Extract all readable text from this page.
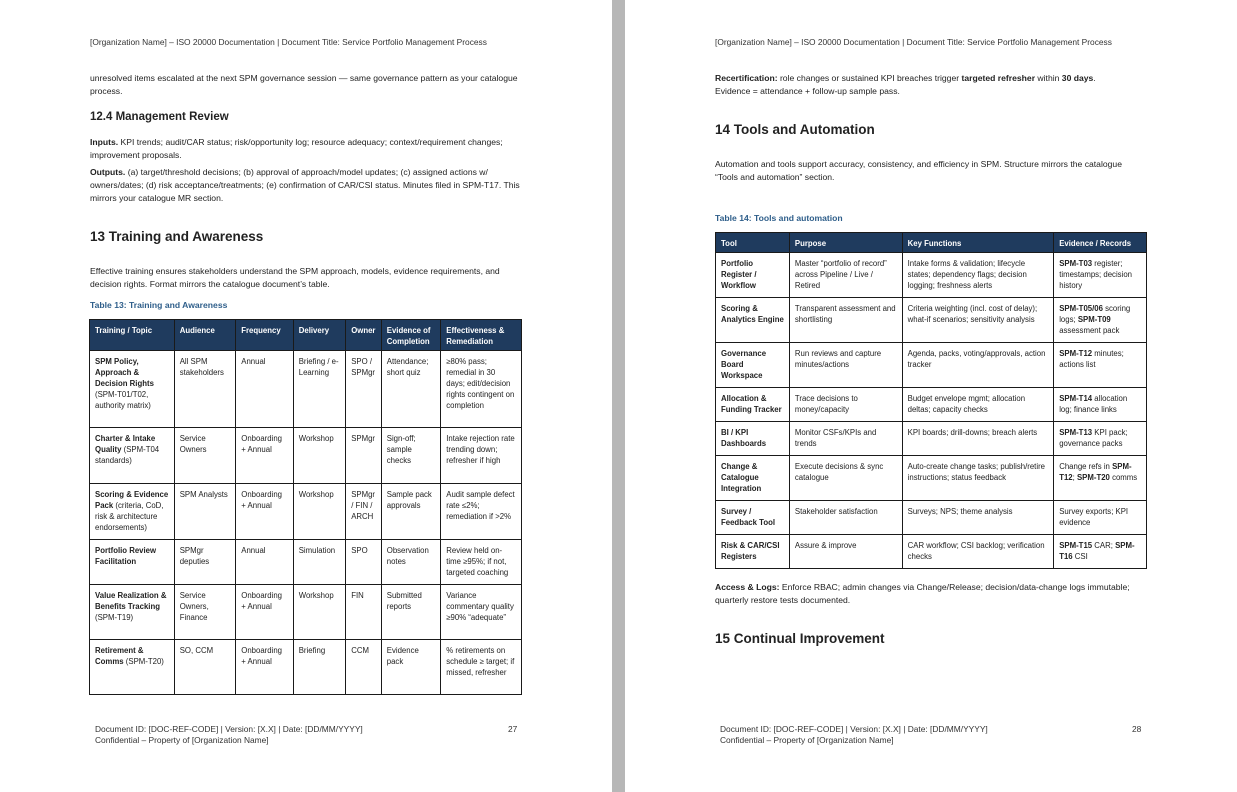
[Organization Name] – ISO 20000 Documentation | Document Title: Service Portfolio Management Process
unresolved items escalated at the next SPM governance session — same governance pattern as your catalogue process.
12.4 Management Review
Inputs. KPI trends; audit/CAR status; risk/opportunity log; resource adequacy; context/requirement changes; improvement proposals.
Outputs. (a) target/threshold decisions; (b) approval of approach/model updates; (c) assigned actions w/ owners/dates; (d) risk acceptance/treatments; (e) confirmation of CAR/CSI status. Minutes filed in SPM-T17. This mirrors your catalogue MR section.
13 Training and Awareness
Effective training ensures stakeholders understand the SPM approach, models, evidence requirements, and decision rights. Format mirrors the catalogue document’s table.
Table 13: Training and Awareness
Training / Topic	Audience	Frequency	Delivery	Owner	Evidence of Completion	Effectiveness & Remediation
SPM Policy, Approach & Decision Rights (SPM-T01/T02, authority matrix)	All SPM stakeholders	Annual	Briefing / e-Learning	SPO / SPMgr	Attendance; short quiz	≥80% pass; remedial in 30 days; edit/decision rights contingent on completion
Charter & Intake Quality (SPM-T04 standards)	Service Owners	Onboarding + Annual	Workshop	SPMgr	Sign-off; sample checks	Intake rejection rate trending down; refresher if high
Scoring & Evidence Pack (criteria, CoD, risk & architecture endorsements)	SPM Analysts	Onboarding + Annual	Workshop	SPMgr / FIN / ARCH	Sample pack approvals	Audit sample defect rate ≤2%; remediation if >2%
Portfolio Review Facilitation	SPMgr deputies	Annual	Simulation	SPO	Observation notes	Review held on-time ≥95%; if not, targeted coaching
Value Realization & Benefits Tracking (SPM-T19)	Service Owners, Finance	Onboarding + Annual	Workshop	FIN	Submitted reports	Variance commentary quality ≥90% “adequate”
Retirement & Comms (SPM-T20)	SO, CCM	Onboarding + Annual	Briefing	CCM	Evidence pack	% retirements on schedule ≥ target; if missed, refresher
Document ID: [DOC-REF-CODE] | Version: [X.X] | Date: [DD/MM/YYYY]
Confidential – Property of [Organization Name]
27
[Organization Name] – ISO 20000 Documentation | Document Title: Service Portfolio Management Process
Recertification: role changes or sustained KPI breaches trigger targeted refresher within 30 days. Evidence = attendance + follow-up sample pass.
14 Tools and Automation
Automation and tools support accuracy, consistency, and efficiency in SPM. Structure mirrors the catalogue “Tools and automation” section.
Table 14: Tools and automation
Tool	Purpose	Key Functions	Evidence / Records
Portfolio Register / Workflow	Master “portfolio of record” across Pipeline / Live / Retired	Intake forms & validation; lifecycle states; dependency flags; decision logging; freshness alerts	SPM-T03 register; timestamps; decision history
Scoring & Analytics Engine	Transparent assessment and shortlisting	Criteria weighting (incl. cost of delay); what-if scenarios; sensitivity analysis	SPM-T05/06 scoring logs; SPM-T09 assessment pack
Governance Board Workspace	Run reviews and capture minutes/actions	Agenda, packs, voting/approvals, action tracker	SPM-T12 minutes; actions list
Allocation & Funding Tracker	Trace decisions to money/capacity	Budget envelope mgmt; allocation deltas; capacity checks	SPM-T14 allocation log; finance links
BI / KPI Dashboards	Monitor CSFs/KPIs and trends	KPI boards; drill-downs; breach alerts	SPM-T13 KPI pack; governance packs
Change & Catalogue Integration	Execute decisions & sync catalogue	Auto-create change tasks; publish/retire instructions; status feedback	Change refs in SPM-T12; SPM-T20 comms
Survey / Feedback Tool	Stakeholder satisfaction	Surveys; NPS; theme analysis	Survey exports; KPI evidence
Risk & CAR/CSI Registers	Assure & improve	CAR workflow; CSI backlog; verification checks	SPM-T15 CAR; SPM-T16 CSI
Access & Logs: Enforce RBAC; admin changes via Change/Release; decision/data-change logs immutable; quarterly restore tests documented.
15 Continual Improvement
Document ID: [DOC-REF-CODE] | Version: [X.X] | Date: [DD/MM/YYYY]
Confidential – Property of [Organization Name]
28
